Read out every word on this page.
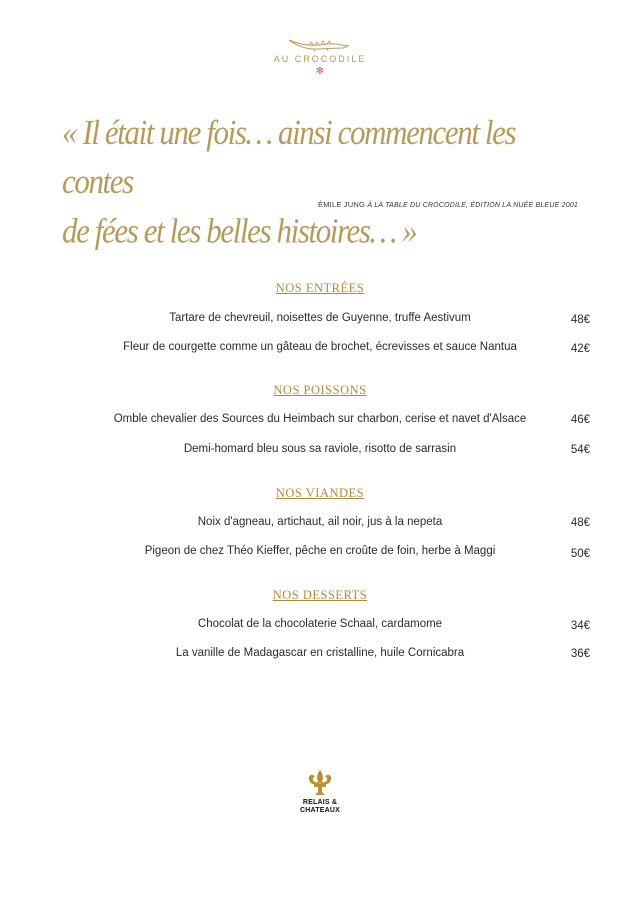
AU CROCODILE
✻
« Il était une fois… ainsi commencent les contes
de fées et les belles histoires… »
ÉMILE JUNG À LA TABLE DU CROCODILE, ÉDITION LA NUÉE BLEUE 2001
NOS ENTRÉES
Tartare de chevreuil, noisettes de Guyenne, truffe Aestivum	48€
Fleur de courgette comme un gâteau de brochet, écrevisses et sauce Nantua	42€
NOS POISSONS
Omble chevalier des Sources du Heimbach sur charbon, cerise et navet d'Alsace	46€
Demi-homard bleu sous sa raviole, risotto de sarrasin	54€
NOS VIANDES
Noix d'agneau, artichaut, ail noir, jus à la nepeta	48€
Pigeon de chez Théo Kieffer, pêche en croûte de foin, herbe à Maggi	50€
NOS DESSERTS
Chocolat de la chocolaterie Schaal, cardamome	34€
La vanille de Madagascar en cristalline, huile Cornicabra	36€
RELAIS &
CHATEAUX
